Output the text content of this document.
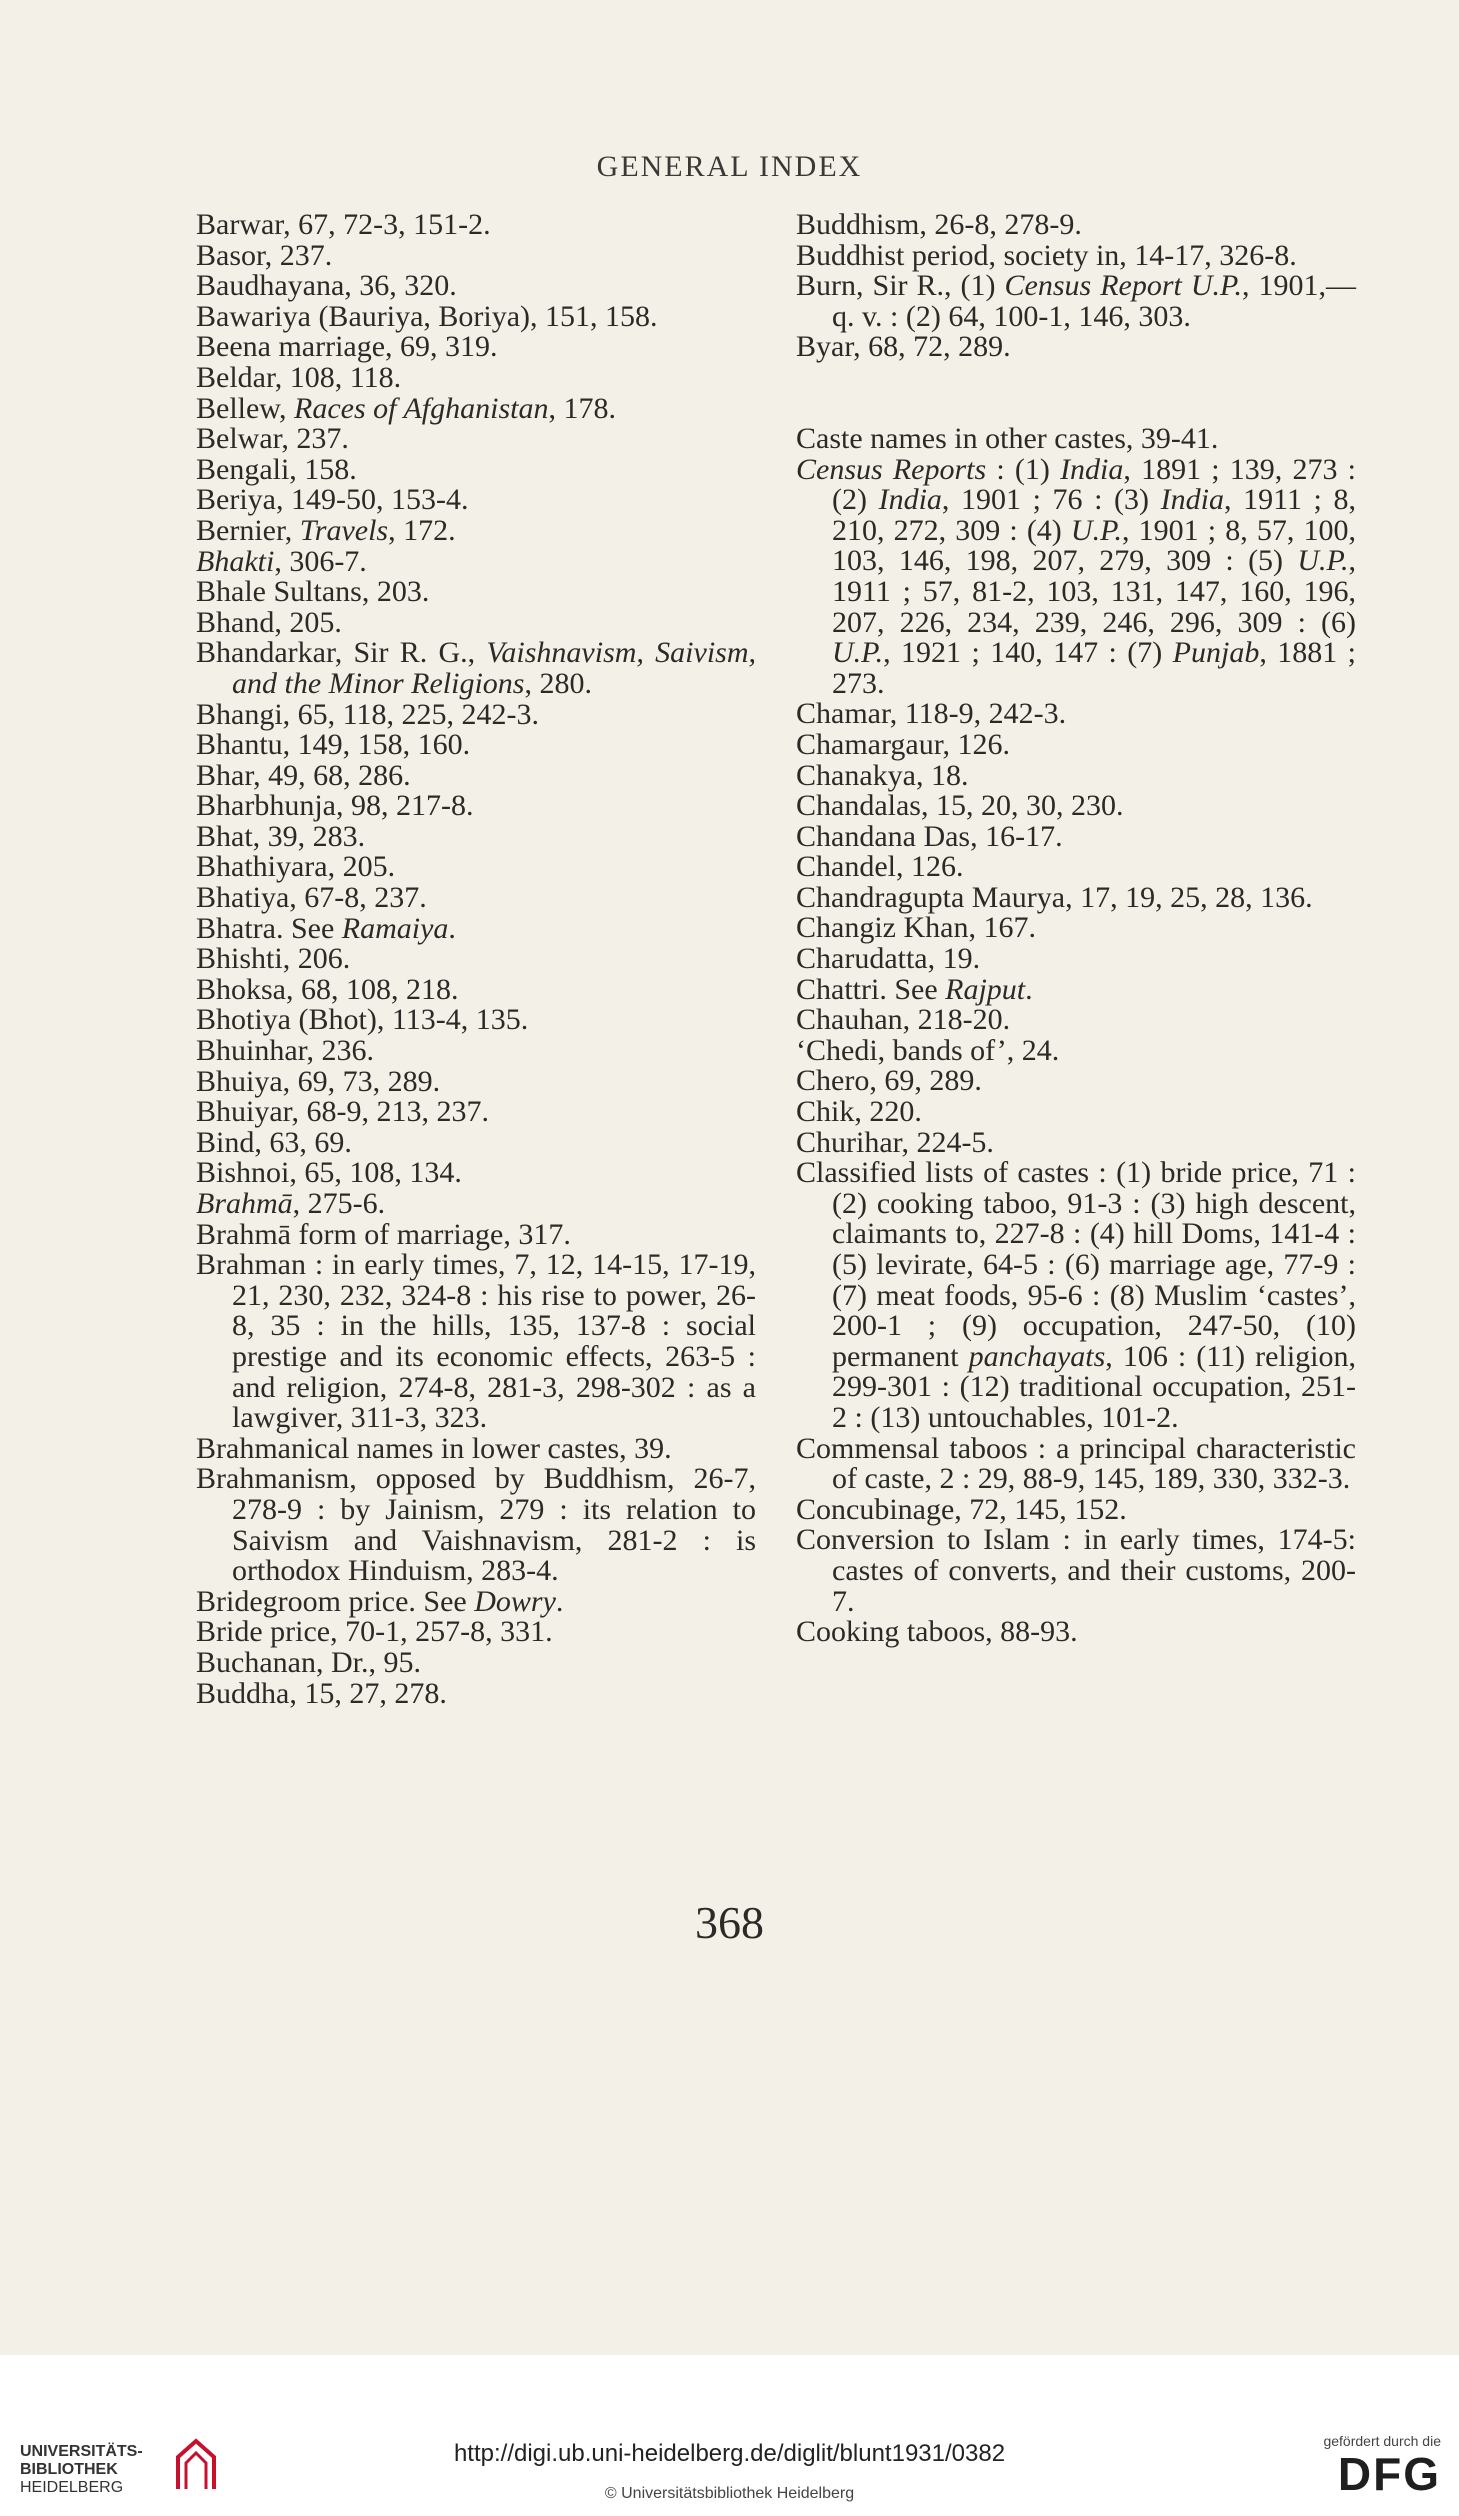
GENERAL INDEX

Barwar, 67, 72-3, 151-2.

Basor, 237.

Baudhayana, 36, 320.

Bawariya (Bauriya, Boriya), 151, 158.

Beena marriage, 69, 319.

Beldar, 108, 118.

Bellew, Races of Afghanistan, 178.

Belwar, 237.

Bengali, 158.

Beriya, 149-50, 153-4.

Bernier, Travels, 172.

Bhakti, 306-7.

Bhale Sultans, 203.

Bhand, 205.

Bhandarkar, Sir R. G., Vaishnavism, Saivism, and the Minor Religions, 280.

Bhangi, 65, 118, 225, 242-3.

Bhantu, 149, 158, 160.

Bhar, 49, 68, 286.

Bharbhunja, 98, 217-8.

Bhat, 39, 283.

Bhathiyara, 205.

Bhatiya, 67-8, 237.

Bhatra. See Ramaiya.

Bhishti, 206.

Bhoksa, 68, 108, 218.

Bhotiya (Bhot), 113-4, 135.

Bhuinhar, 236.

Bhuiya, 69, 73, 289.

Bhuiyar, 68-9, 213, 237.

Bind, 63, 69.

Bishnoi, 65, 108, 134.

Brahmā, 275-6.

Brahmā form of marriage, 317.

Brahman : in early times, 7, 12, 14-15, 17-19, 21, 230, 232, 324-8 : his rise to power, 26-8, 35 : in the hills, 135, 137-8 : social prestige and its economic effects, 263-5 : and religion, 274-8, 281-3, 298-302 : as a lawgiver, 311-3, 323.

Brahmanical names in lower castes, 39.

Brahmanism, opposed by Buddhism, 26-7, 278-9 : by Jainism, 279 : its relation to Saivism and Vaishnavism, 281-2 : is orthodox Hinduism, 283-4.

Bridegroom price. See Dowry.

Bride price, 70-1, 257-8, 331.

Buchanan, Dr., 95.

Buddha, 15, 27, 278.

Buddhism, 26-8, 278-9.

Buddhist period, society in, 14-17, 326-8.

Burn, Sir R., (1) Census Report U.P., 1901,—q. v. : (2) 64, 100-1, 146, 303.

Byar, 68, 72, 289.

Caste names in other castes, 39-41.

Census Reports : (1) India, 1891 ; 139, 273 : (2) India, 1901 ; 76 : (3) India, 1911 ; 8, 210, 272, 309 : (4) U.P., 1901 ; 8, 57, 100, 103, 146, 198, 207, 279, 309 : (5) U.P., 1911 ; 57, 81-2, 103, 131, 147, 160, 196, 207, 226, 234, 239, 246, 296, 309 : (6) U.P., 1921 ; 140, 147 : (7) Punjab, 1881 ; 273.

Chamar, 118-9, 242-3.

Chamargaur, 126.

Chanakya, 18.

Chandalas, 15, 20, 30, 230.

Chandana Das, 16-17.

Chandel, 126.

Chandragupta Maurya, 17, 19, 25, 28, 136.

Changiz Khan, 167.

Charudatta, 19.

Chattri. See Rajput.

Chauhan, 218-20.

‘Chedi, bands of’, 24.

Chero, 69, 289.

Chik, 220.

Churihar, 224-5.

Classified lists of castes : (1) bride price, 71 : (2) cooking taboo, 91-3 : (3) high descent, claimants to, 227-8 : (4) hill Doms, 141-4 : (5) levirate, 64-5 : (6) marriage age, 77-9 : (7) meat foods, 95-6 : (8) Muslim ‘castes’, 200-1 ; (9) occupation, 247-50, (10) permanent panchayats, 106 : (11) religion, 299-301 : (12) traditional occupation, 251-2 : (13) untouchables, 101-2.

Commensal taboos : a principal characteristic of caste, 2 : 29, 88-9, 145, 189, 330, 332-3.

Concubinage, 72, 145, 152.

Conversion to Islam : in early times, 174-5: castes of converts, and their customs, 200-7.

Cooking taboos, 88-93.

368
UNIVERSITÄTS-
BIBLIOTHEK
HEIDELBERG
http://digi.ub.uni-heidelberg.de/diglit/blunt1931/0382
© Universitätsbibliothek Heidelberg
gefördert durch die
DFG
